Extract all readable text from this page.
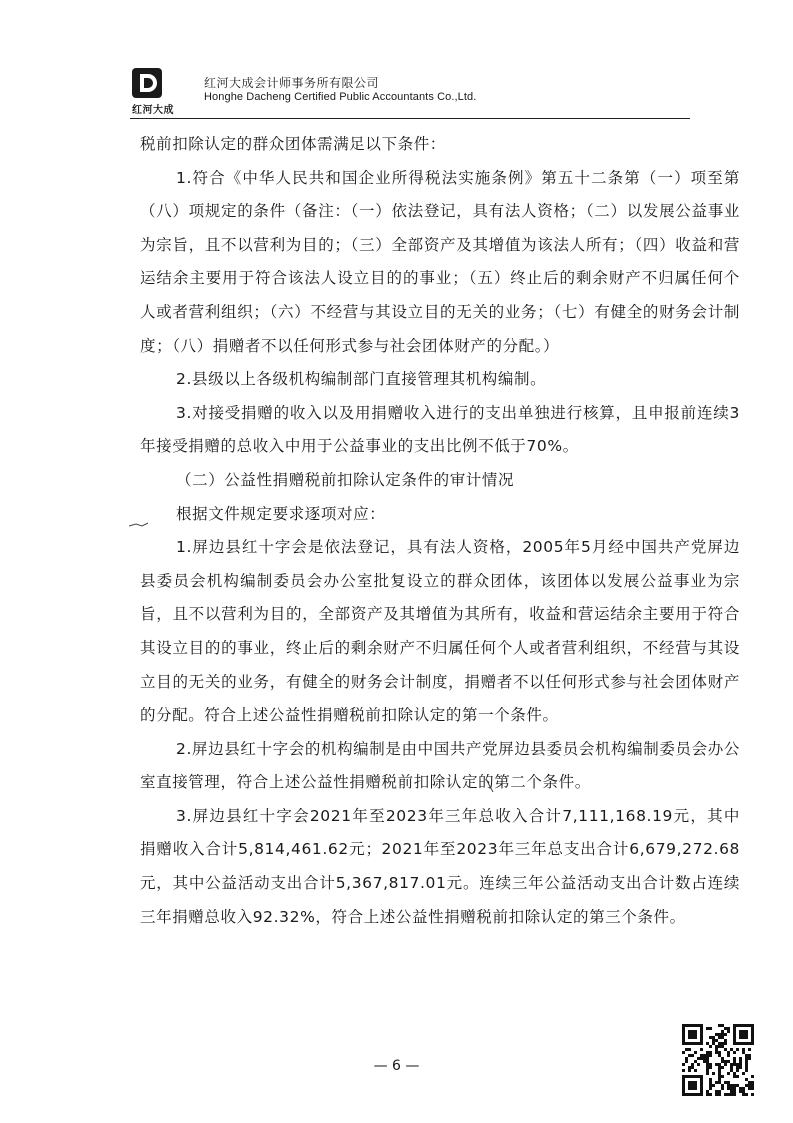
红河大成
红河大成会计师事务所有限公司
Honghe Dacheng Certified Public Accountants Co.,Ltd.

税前扣除认定的群众团体需满足以下条件：

1.符合《中华人民共和国企业所得税法实施条例》第五十二条第（一）项至第（八）项规定的条件（备注：（一）依法登记，具有法人资格；（二）以发展公益事业为宗旨，且不以营利为目的；（三）全部资产及其增值为该法人所有；（四）收益和营运结余主要用于符合该法人设立目的的事业；（五）终止后的剩余财产不归属任何个人或者营利组织；（六）不经营与其设立目的无关的业务；（七）有健全的财务会计制度；（八）捐赠者不以任何形式参与社会团体财产的分配。）

2.县级以上各级机构编制部门直接管理其机构编制。

3.对接受捐赠的收入以及用捐赠收入进行的支出单独进行核算，且申报前连续3年接受捐赠的总收入中用于公益事业的支出比例不低于70%。

（二）公益性捐赠税前扣除认定条件的审计情况

根据文件规定要求逐项对应：

1.屏边县红十字会是依法登记，具有法人资格，2005年5月经中国共产党屏边县委员会机构编制委员会办公室批复设立的群众团体，该团体以发展公益事业为宗旨，且不以营利为目的，全部资产及其增值为其所有，收益和营运结余主要用于符合其设立目的的事业，终止后的剩余财产不归属任何个人或者营利组织，不经营与其设立目的无关的业务，有健全的财务会计制度，捐赠者不以任何形式参与社会团体财产的分配。符合上述公益性捐赠税前扣除认定的第一个条件。

2.屏边县红十字会的机构编制是由中国共产党屏边县委员会机构编制委员会办公室直接管理，符合上述公益性捐赠税前扣除认定的第二个条件。

3.屏边县红十字会2021年至2023年三年总收入合计7,111,168.19元，其中捐赠收入合计5,814,461.62元；2021年至2023年三年总支出合计6,679,272.68元，其中公益活动支出合计5,367,817.01元。连续三年公益活动支出合计数占连续三年捐赠总收入92.32%，符合上述公益性捐赠税前扣除认定的第三个条件。

— 6 —
